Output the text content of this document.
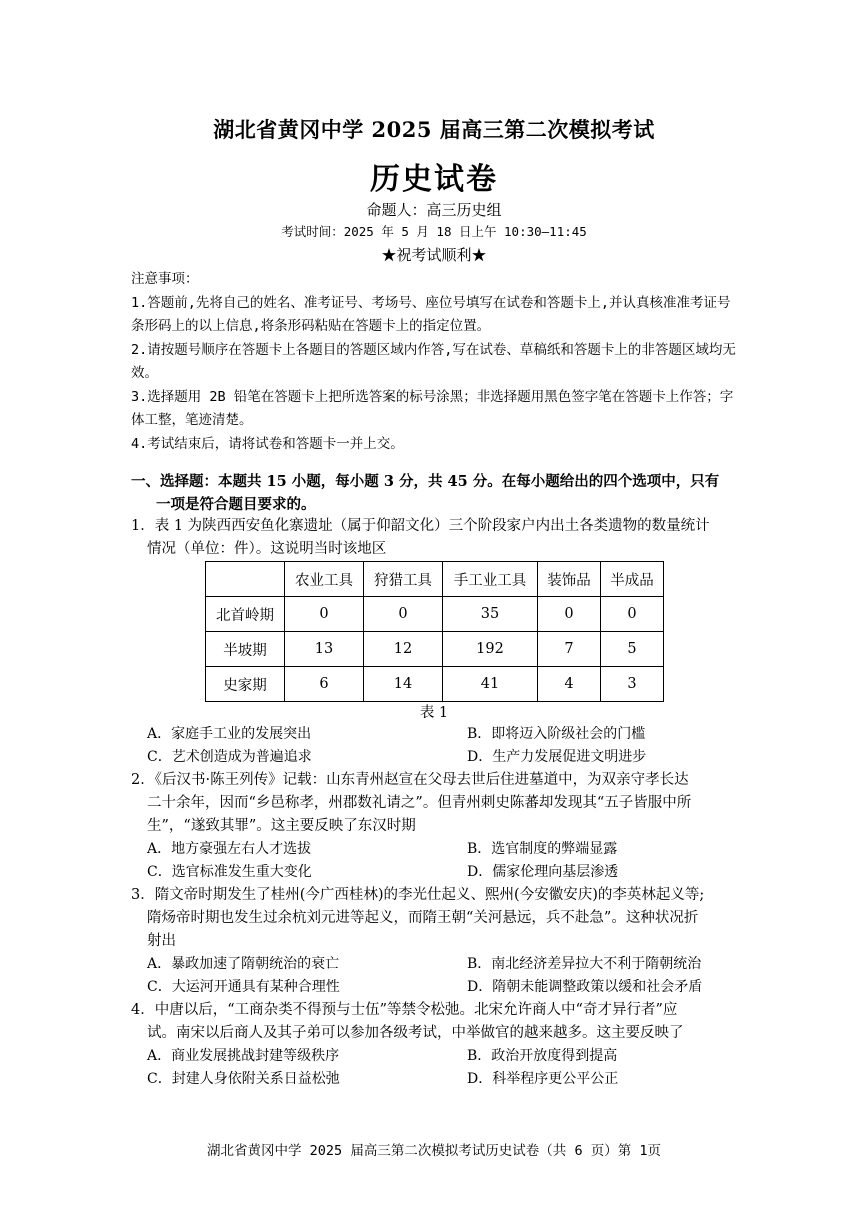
湖北省黄冈中学 2025 届高三第二次模拟考试
历史试卷
命题人：高三历史组
考试时间：2025 年 5 月 18 日上午 10:30—11:45
★祝考试顺利★

注意事项：

1.答题前,先将自己的姓名、准考证号、考场号、座位号填写在试卷和答题卡上,并认真核准准考证号条形码上的以上信息,将条形码粘贴在答题卡上的指定位置。

2.请按题号顺序在答题卡上各题目的答题区域内作答,写在试卷、草稿纸和答题卡上的非答题区域均无效。

3.选择题用 2B 铅笔在答题卡上把所选答案的标号涂黑；非选择题用黑色签字笔在答题卡上作答；字体工整，笔迹清楚。

4.考试结束后，请将试卷和答题卡一并上交。

一、选择题：本题共 15 小题，每小题 3 分，共 45 分。在每小题给出的四个选项中，只有
一项是符合题目要求的。

1．表 1 为陕西西安鱼化寨遗址（属于仰韶文化）三个阶段家户内出土各类遗物的数量统计

情况（单位：件）。这说明当时该地区

	农业工具	狩猎工具	手工业工具	装饰品	半成品
北首岭期	0	0	35	0	0
半坡期	13	12	192	7	5
史家期	6	14	41	4	3
表 1
A．家庭手工业的发展突出	B．即将迈入阶级社会的门槛
C．艺术创造成为普遍追求	D．生产力发展促进文明进步

2．《后汉书·陈王列传》记载：山东青州赵宣在父母去世后住进墓道中，为双亲守孝长达

二十余年，因而“乡邑称孝，州郡数礼请之”。但青州刺史陈蕃却发现其“五子皆服中所

生”，“遂致其罪”。这主要反映了东汉时期

A．地方豪强左右人才选拔	B．选官制度的弊端显露
C．选官标准发生重大变化	D．儒家伦理向基层渗透

3．隋文帝时期发生了桂州(今广西桂林)的李光仕起义、熙州(今安徽安庆)的李英林起义等;

隋炀帝时期也发生过余杭刘元进等起义，而隋王朝“关河悬远，兵不赴急”。这种状况折

射出

A．暴政加速了隋朝统治的衰亡	B．南北经济差异拉大不利于隋朝统治
C．大运河开通具有某种合理性	D．隋朝未能调整政策以缓和社会矛盾

4．中唐以后，“工商杂类不得预与士伍”等禁令松弛。北宋允许商人中“奇才异行者”应

试。南宋以后商人及其子弟可以参加各级考试，中举做官的越来越多。这主要反映了

A．商业发展挑战封建等级秩序	B．政治开放度得到提高
C．封建人身依附关系日益松弛	D．科举程序更公平公正
湖北省黄冈中学 2025 届高三第二次模拟考试历史试卷（共 6 页）第 1页
